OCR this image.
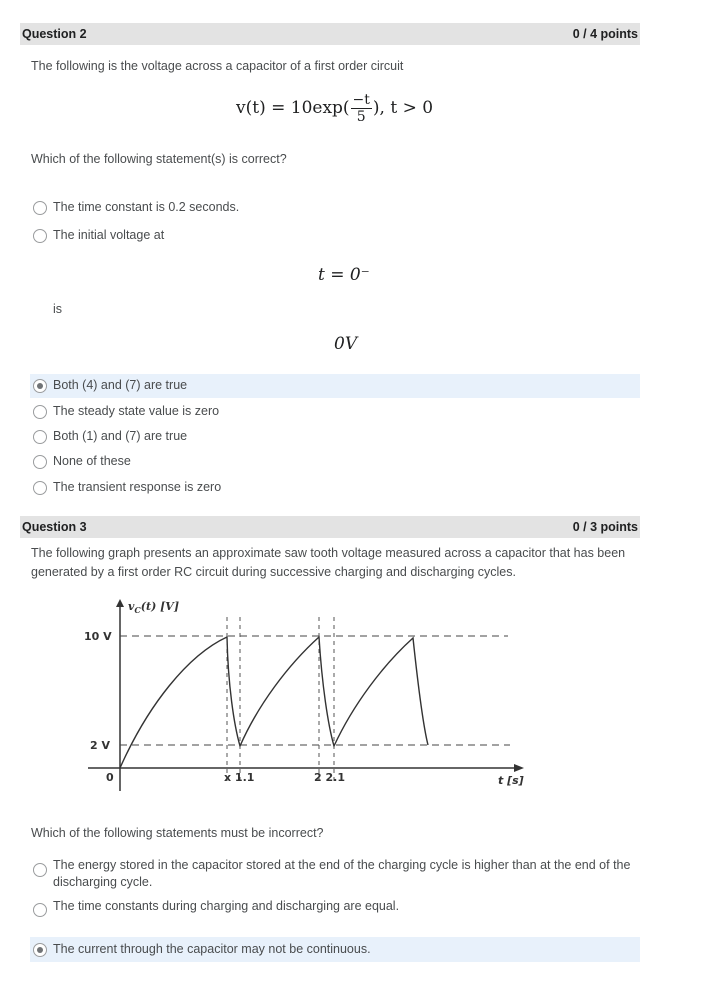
Question 2	0 / 4 points
The following is the voltage across a capacitor of a first order circuit
$v(t) = 10\exp( \frac{-t}{5}$ ), t > 0
Which of the following statement(s) is correct?
The time constant is 0.2 seconds.
The initial voltage at
t = 0⁻
is
0V
Both (4) and (7) are true
The steady state value is zero
Both (1) and (7) are true
None of these
The transient response is zero
Question 3	0 / 3 points
The following graph presents an approximate saw tooth voltage measured across a capacitor that has been generated by a first order RC circuit during successive charging and discharging cycles.
$v_C(t)$ [V]
10 V
2 V
0	x 1.1	2 2.1	t [s]
Which of the following statements must be incorrect?
The energy stored in the capacitor stored at the end of the charging cycle is higher than at the end of the discharging cycle.
The time constants during charging and discharging are equal.
The current through the capacitor may not be continuous.
